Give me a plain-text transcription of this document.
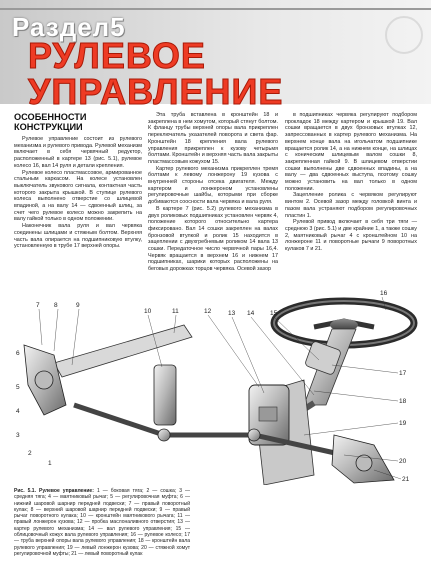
Раздел5
РУЛЕВОЕ
УПРАВЛЕНИЕ
ОСОБЕННОСТИ КОНСТРУКЦИИ

Рулевое управление состоит из рулевого механизма и рулевого привода. Рулевой механизм включает в себя червячный редуктор, расположенный в картере 13 (рис. 5.1), рулевое колесо 16, вал 14 руля и детали крепления.

Рулевое колесо пластмассовое, армированное стальным каркасом. На колесе установлен выключатель звукового сигнала, контактная часть которого закрыта крышкой. В ступице рулевого колеса выполнено отверстие со шлицевой впадиной, а на валу 14 — сдвоенный шлиц, за счет чего рулевое колесо можно закрепить на валу гайкой только в одном положении.

Наконечник вала руля и вал червяка соединены шлицами и стяжным болтом. Верхняя часть вала опирается на подшипниковую втулку, установленную в трубе 17 верхней опоры.

Эта труба вставлена в кронштейн 18 и закреплена в нем хомутом, который стянут болтом. К фланцу трубы верхней опоры вала прикреплен переключатель указателей поворота и света фар. Кронштейн 18 крепления вала рулевого управления прикреплен к кузову четырьмя болтами. Кронштейн и верхняя часть вала закрыты пластмассовым кожухом 15.

Картер рулевого механизма прикреплен тремя болтами к левому лонжерону 19 кузова с внутренней стороны отсека двигателя. Между картером и лонжероном установлены регулировочные шайбы, которыми при сборке добиваются соосности вала червяка и вала руля.

В картере 7 (рис. 5.2) рулевого механизма в двух роликовых подшипниках установлен червяк 4, положение которого относительно картера фиксировано. Вал 14 сошки закреплен на валах бронзовой втулкой и ролик 15 находится в зацеплении с двухгребневым роликом 14 вала 13 сошки. Передаточное число червячной пары 16,4. Червяк вращается в верхнем 16 и нижнем 17 подшипниках, шарики которых расположены на беговых дорожках торцов червяка. Осевой зазор

в подшипниках червяка регулируют подбором прокладок 18 между картером и крышкой 19. Вал сошки вращается в двух бронзовых втулках 12, запрессованных в картер рулевого механизма. На верхнем конце вала на игольчатом подшипнике вращается ролик 14, а на нижнем конце, на шлицах с коническим шлицевым валом сошки 8, закрепленная гайкой 9. В шлицевом отверстии сошки выполнены две сдвоенных впадины, а на валу — два сдвоенных выступа, поэтому сошку можно установить на вал только в одном положении.

Зацепление ролика с червяком регулируют винтом 2. Осевой зазор между головкой винта и пазом вала устраняют подбором регулировочных пластин 1.

Рулевой привод включает в себя три тяги — среднюю 3 (рис. 5.1) и две крайние 1, а также сошку 2, маятниковый рычаг 4 с кронштейном 10 на лонжероне 11 и поворотные рычаги 9 поворотных кулаков 7 и 21.

7 8	9
10	11	12	13 14 15
16
17
18
19
20
21
6
5
4
3
2
1
Рис. 5.1. Рулевое управление: 1 — боковая тяга; 2 — сошка; 3 — средняя тяга; 4 — маятниковый рычаг; 5 — регулировочная муфта; 6 — нижний шаровой шарнир передней подвески; 7 — правый поворотный кулак; 8 — верхний шаровой шарнир передней подвески; 9 — правый рычаг поворотного кулака; 10 — кронштейн маятникового рычага; 11 — правый лонжерон кузова; 12 — пробка маслоналивного отверстия; 13 — картер рулевого механизма; 14 — вал рулевого управления; 15 — облицовочный кожух вала рулевого управления; 16 — рулевое колесо; 17 — труба верхней опоры вала рулевого управления; 18 — кронштейн вала рулевого управления; 19 — левый лонжерон кузова; 20 — стяжной хомут регулировочной муфты; 21 — левый поворотный кулак
